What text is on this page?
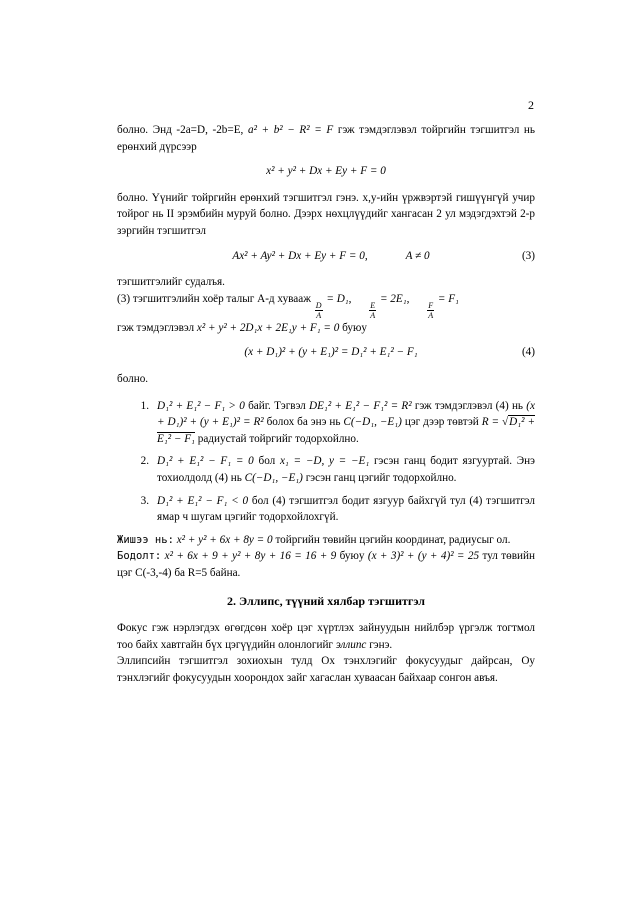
2

болно. Энд -2a=D, -2b=E, a² + b² − R² = F гэж тэмдэглэвэл тойргийн тэгшитгэл нь ерөнхий дүрсээр

x² + y² + Dx + Ey + F = 0

болно. Үүнийг тойргийн ерөнхий тэгшитгэл гэнэ. x,y-ийн үржвэртэй гишүүнгүй учир тойрог нь II эрэмбийн муруй болно. Дээрх нөхцлүүдийг хангасан 2 ул мэдэгдэхтэй 2-р зэргийн тэгшитгэл

Ax² + Ay² + Dx + Ey + F = 0,	A ≠ 0	(3)

тэгшитгэлийг судалъя.
(3) тэгшитгэлийн хоёр талыг A-д хувааж
$\frac{D}{A}$
= D₁,
$\frac{E}{A}$
= 2E₁,
$\frac{F}{A}$
= F₁
гэж тэмдэглэвэл x² + y² + 2D₁x + 2E₁y + F₁ = 0 буюу

(x + D₁)² + (y + E₁)² = D₁² + E₁² − F₁	(4)

болно.

1. D₁² + E₁² − F₁ > 0 байг. Тэгвэл DE₁² + E₁² − F₁² = R² гэж тэмдэглэвэл (4) нь (x + D₁)² + (y + E₁)² = R² болох ба энэ нь C(−D₁, −E₁) цэг дээр төвтэй R = √D₁² + E₁² − F₁ радиустай тойргийг тодорхойлно.
2. D₁² + E₁² − F₁ = 0 бол x₁ = −D, y = −E₁ гэсэн ганц бодит язгууртай. Энэ тохиолдолд (4) нь C(−D₁, −E₁) гэсэн ганц цэгийг тодорхойлно.
3. D₁² + E₁² − F₁ < 0 бол (4) тэгшитгэл бодит язгуур байхгүй тул (4) тэгшитгэл ямар ч шугам цэгийг тодорхойлохгүй.

Жишээ нь: x² + y² + 6x + 8y = 0 тойргийн төвийн цэгийн координат, радиусыг ол.

Бодолт: x² + 6x + 9 + y² + 8y + 16 = 16 + 9 буюу (x + 3)² + (y + 4)² = 25 тул төвийн цэг C(-3,-4) ба R=5 байна.

2. Эллипс, түүний хялбар тэгшитгэл

Фокус гэж нэрлэгдэх өгөгдсөн хоёр цэг хүртлэх зайнуудын нийлбэр үргэлж тогтмол тоо байх хавтгайн бүх цэгүүдийн олонлогийг эллипс гэнэ.

Эллипсийн тэгшитгэл зохиохын тулд Ох тэнхлэгийг фокусуудыг дайрсан, Оу тэнхлэгийг фокусуудын хоорондох зайг хагаслан хуваасан байхаар сонгон авъя.
